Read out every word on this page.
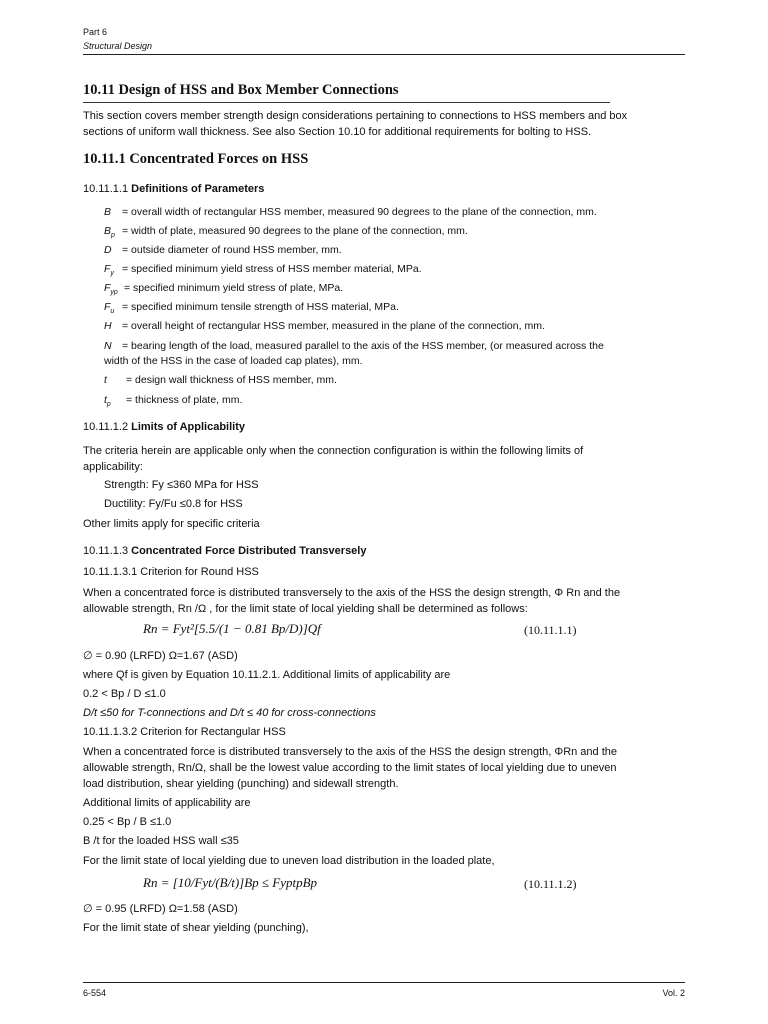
Part 6
Structural Design
10.11 Design of HSS and Box Member Connections
This section covers member strength design considerations pertaining to connections to HSS members and box
sections of uniform wall thickness. See also Section 10.10 for additional requirements for bolting to HSS.
10.11.1 Concentrated Forces on HSS
10.11.1.1 Definitions of Parameters
B = overall width of rectangular HSS member, measured 90 degrees to the plane of the connection, mm.
$B_p$ = width of plate, measured 90 degrees to the plane of the connection, mm.
D = outside diameter of round HSS member, mm.
$F_y$ = specified minimum yield stress of HSS member material, MPa.
$F_{yp}$ = specified minimum yield stress of plate, MPa.
$F_u$ = specified minimum tensile strength of HSS material, MPa.
H = overall height of rectangular HSS member, measured in the plane of the connection, mm.
N = bearing length of the load, measured parallel to the axis of the HSS member, (or measured across the
width of the HSS in the case of loaded cap plates), mm.
t = design wall thickness of HSS member, mm.
$t_p$ = thickness of plate, mm.
10.11.1.2 Limits of Applicability
The criteria herein are applicable only when the connection configuration is within the following limits of
applicability:
Strength: Fy ≤360 MPa for HSS
Ductility: Fy/Fu ≤0.8 for HSS
Other limits apply for specific criteria
10.11.1.3 Concentrated Force Distributed Transversely
10.11.1.3.1 Criterion for Round HSS
When a concentrated force is distributed transversely to the axis of the HSS the design strength, Φ Rn and the
allowable strength, Rn /Ω , for the limit state of local yielding shall be determined as follows:
Rn = Fyt²[5.5/(1 − 0.81 Bp/D)]Qf	(10.11.1.1)
∅ = 0.90 (LRFD) Ω=1.67 (ASD)
where Qf is given by Equation 10.11.2.1. Additional limits of applicability are
0.2 < Bp / D ≤1.0
D/t ≤50 for T-connections and D/t ≤ 40 for cross-connections
10.11.1.3.2 Criterion for Rectangular HSS
When a concentrated force is distributed transversely to the axis of the HSS the design strength, ΦRn and the
allowable strength, Rn/Ω, shall be the lowest value according to the limit states of local yielding due to uneven
load distribution, shear yielding (punching) and sidewall strength.
Additional limits of applicability are
0.25 < Bp / B ≤1.0
B /t for the loaded HSS wall ≤35
For the limit state of local yielding due to uneven load distribution in the loaded plate,
Rn = [10/Fyt/(B/t)]Bp ≤ FyptpBp	(10.11.1.2)
∅ = 0.95 (LRFD) Ω=1.58 (ASD)
For the limit state of shear yielding (punching),
6-554	Vol. 2
